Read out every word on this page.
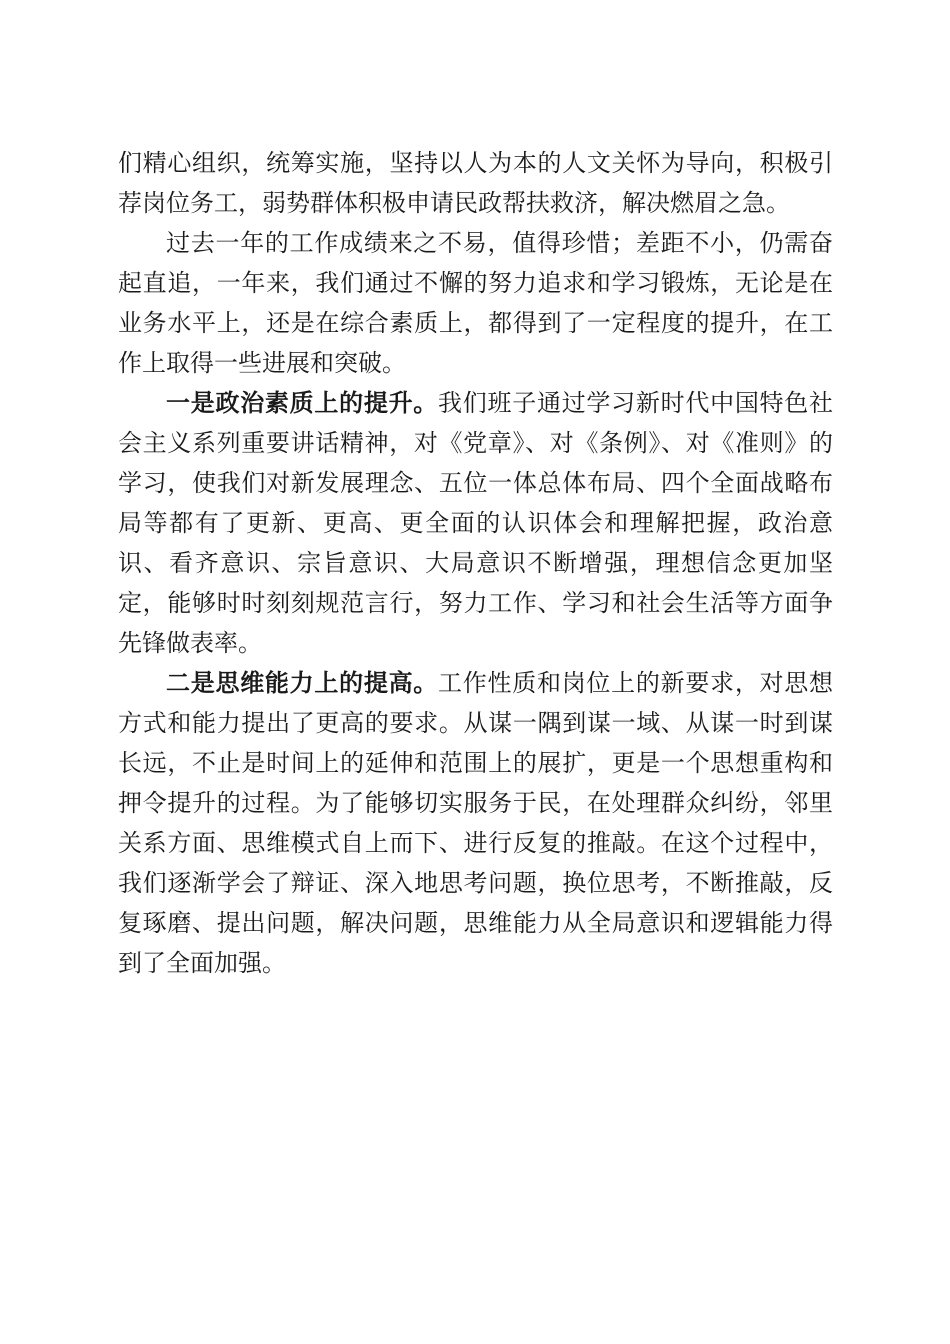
们精心组织，统筹实施，坚持以人为本的人文关怀为导向，积极引荐岗位务工，弱势群体积极申请民政帮扶救济，解决燃眉之急。

过去一年的工作成绩来之不易，值得珍惜；差距不小，仍需奋起直追，一年来，我们通过不懈的努力追求和学习锻炼，无论是在业务水平上，还是在综合素质上，都得到了一定程度的提升，在工作上取得一些进展和突破。

一是政治素质上的提升。我们班子通过学习新时代中国特色社会主义系列重要讲话精神，对《党章》、对《条例》、对《准则》的学习，使我们对新发展理念、五位一体总体布局、四个全面战略布局等都有了更新、更高、更全面的认识体会和理解把握，政治意识、看齐意识、宗旨意识、大局意识不断增强，理想信念更加坚定，能够时时刻刻规范言行，努力工作、学习和社会生活等方面争先锋做表率。

二是思维能力上的提高。工作性质和岗位上的新要求，对思想方式和能力提出了更高的要求。从谋一隅到谋一域、从谋一时到谋长远，不止是时间上的延伸和范围上的展扩，更是一个思想重构和押令提升的过程。为了能够切实服务于民，在处理群众纠纷，邻里关系方面、思维模式自上而下、进行反复的推敲。在这个过程中，我们逐渐学会了辩证、深入地思考问题，换位思考，不断推敲，反复琢磨、提出问题，解决问题，思维能力从全局意识和逻辑能力得到了全面加强。
